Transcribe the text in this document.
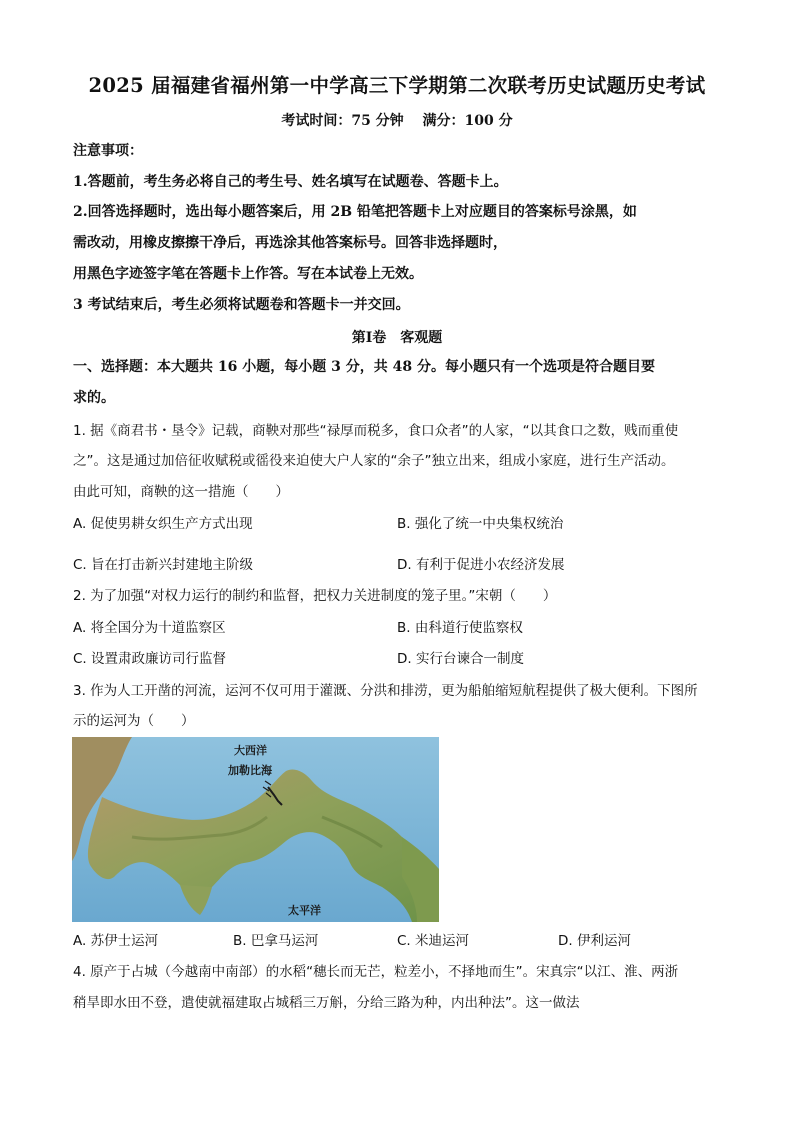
2025 届福建省福州第一中学高三下学期第二次联考历史试题历史考试
考试时间：75 分钟　 满分：100 分
注意事项：
1.答题前，考生务必将自己的考生号、姓名填写在试题卷、答题卡上。
2.回答选择题时，选出每小题答案后，用 2B 铅笔把答题卡上对应题目的答案标号涂黑，如
需改动，用橡皮擦擦干净后，再选涂其他答案标号。回答非选择题时，
用黑色字迹签字笔在答题卡上作答。写在本试卷上无效。
3 考试结束后，考生必须将试题卷和答题卡一并交回。
第Ⅰ卷　客观题
一、选择题：本大题共 16 小题，每小题 3 分，共 48 分。每小题只有一个选项是符合题目要
求的。
1. 据《商君书・垦令》记载，商鞅对那些“禄厚而税多，食口众者”的人家，“以其食口之数，贱而重使
之”。这是通过加倍征收赋税或徭役来迫使大户人家的“余子”独立出来，组成小家庭，进行生产活动。
由此可知，商鞅的这一措施（　　）
A. 促使男耕女织生产方式出现	B. 强化了统一中央集权统治
C. 旨在打击新兴封建地主阶级	D. 有利于促进小农经济发展
2. 为了加强“对权力运行的制约和监督，把权力关进制度的笼子里。”宋朝（　　）
A. 将全国分为十道监察区	B. 由科道行使监察权
C. 设置肃政廉访司行监督	D. 实行台谏合一制度
3. 作为人工开凿的河流，运河不仅可用于灌溉、分洪和排涝，更为船舶缩短航程提供了极大便利。下图所
示的运河为（　　）
大西洋
加勒比海
太平洋
A. 苏伊士运河	B. 巴拿马运河	C. 米迪运河	D. 伊利运河
4. 原产于占城（今越南中南部）的水稻“穗长而无芒，粒差小，不择地而生”。宋真宗“以江、淮、两浙
稍旱即水田不登，遣使就福建取占城稻三万斛，分给三路为种，内出种法”。这一做法
